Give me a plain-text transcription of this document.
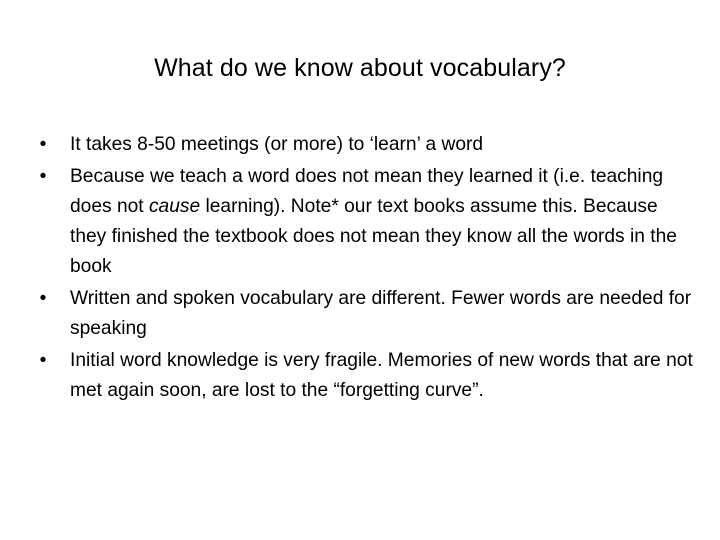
What do we know about vocabulary?
• It takes 8-50 meetings (or more) to ‘learn’ a word
• Because we teach a word does not mean they learned it (i.e. teaching does not cause learning). Note* our text books assume this. Because they finished the textbook does not mean they know all the words in the book
• Written and spoken vocabulary are different. Fewer words are needed for speaking
• Initial word knowledge is very fragile. Memories of new words that are not met again soon, are lost to the “forgetting curve”.
